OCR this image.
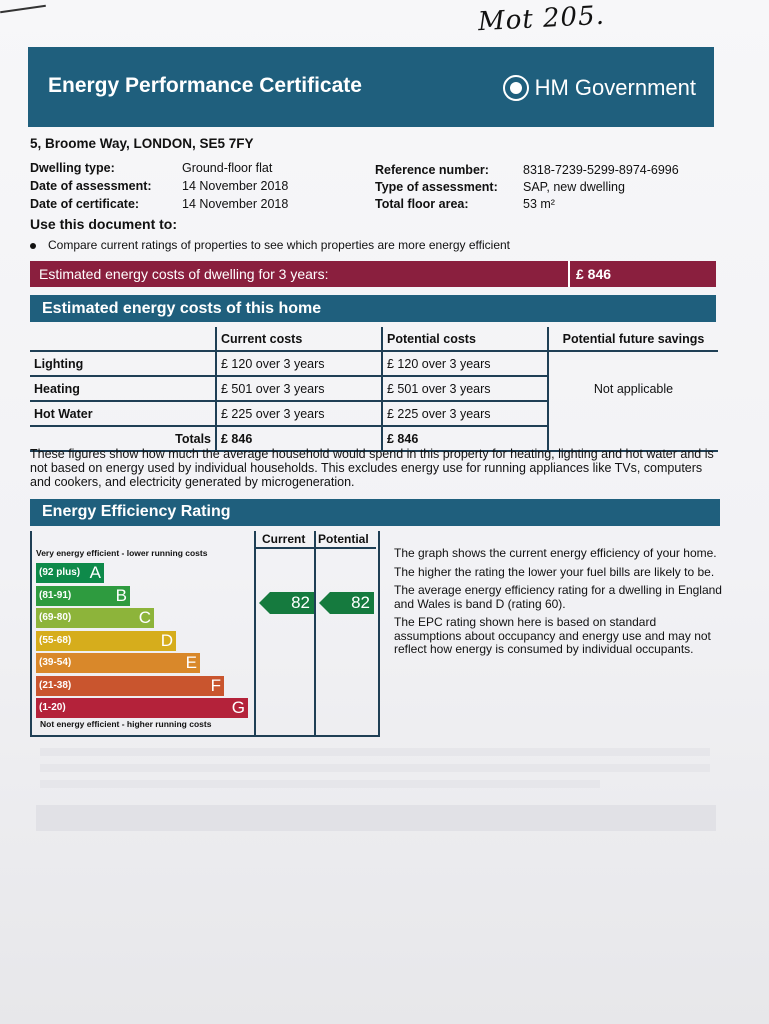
Mot 205.
Energy Performance Certificate	HM Government
5, Broome Way, LONDON, SE5 7FY
Dwelling type:	Ground-floor flat
Date of assessment: 14 November 2018
Date of certificate:	14 November 2018
Reference number:	8318-7239-5299-8974-6996
Type of assessment: SAP, new dwelling
Total floor area:	53 m²
Use this document to:
Compare current ratings of properties to see which properties are more energy efficient
Estimated energy costs of dwelling for 3 years:	£ 846
Estimated energy costs of this home
	Current costs	Potential costs	Potential future savings
Lighting	£ 120 over 3 years	£ 120 over 3 years	Not applicable
Heating	£ 501 over 3 years	£ 501 over 3 years	
Hot Water	£ 225 over 3 years	£ 225 over 3 years	
Totals	£ 846	£ 846	
These figures show how much the average household would spend in this property for heating, lighting and hot water and is not based on energy used by individual households. This excludes energy use for running appliances like TVs, computers and cookers, and electricity generated by microgeneration.
Energy Efficiency Rating
Current Potential
Very energy efficient - lower running costs
Not energy efficient - higher running costs
(92 plus) A
(81-91)	B
(69-80)	C
(55-68)	D
(39-54)	E
(21-38)	F
(1-20)	G
82	82

The graph shows the current energy efficiency of your home.

The higher the rating the lower your fuel bills are likely to be.

The average energy efficiency rating for a dwelling in England and Wales is band D (rating 60).

The EPC rating shown here is based on standard assumptions about occupancy and energy use and may not reflect how energy is consumed by individual occupants.
